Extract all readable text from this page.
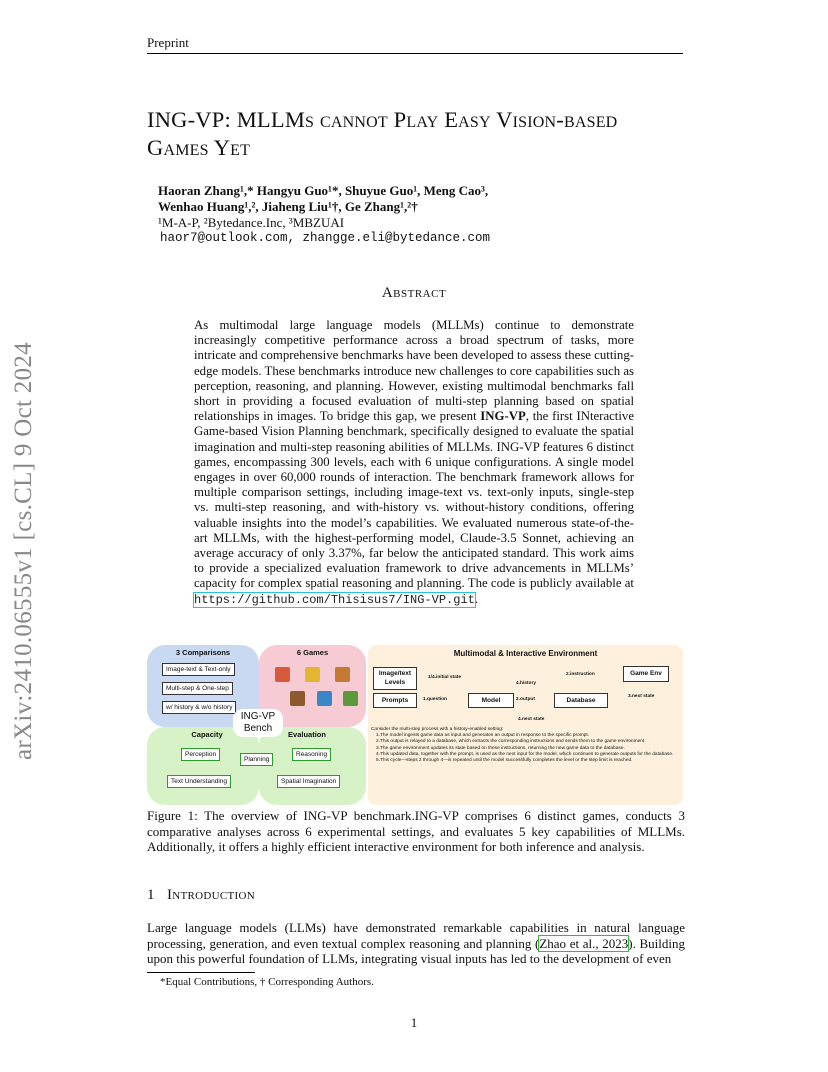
Preprint
arXiv:2410.06555v1 [cs.CL] 9 Oct 2024
ING-VP: MLLMs cannot Play Easy Vision-based
Games Yet
Haoran Zhang¹,* Hangyu Guo¹*, Shuyue Guo¹, Meng Cao³,
Wenhao Huang¹,², Jiaheng Liu¹†, Ge Zhang¹,²†
¹M-A-P, ²Bytedance.Inc, ³MBZUAI
haor7@outlook.com, zhangge.eli@bytedance.com
Abstract
As multimodal large language models (MLLMs) continue to demonstrate increasingly competitive performance across a broad spectrum of tasks, more intricate and comprehensive benchmarks have been developed to assess these cutting-edge models. These benchmarks introduce new challenges to core capabilities such as perception, reasoning, and planning. However, existing multimodal benchmarks fall short in providing a focused evaluation of multi-step planning based on spatial relationships in images. To bridge this gap, we present ING-VP, the first INteractive Game-based Vision Planning benchmark, specifically designed to evaluate the spatial imagination and multi-step reasoning abilities of MLLMs. ING-VP features 6 distinct games, encompassing 300 levels, each with 6 unique configurations. A single model engages in over 60,000 rounds of interaction. The benchmark framework allows for multiple comparison settings, including image-text vs. text-only inputs, single-step vs. multi-step reasoning, and with-history vs. without-history conditions, offering valuable insights into the model’s capabilities. We evaluated numerous state-of-the-art MLLMs, with the highest-performing model, Claude-3.5 Sonnet, achieving an average accuracy of only 3.37%, far below the anticipated standard. This work aims to provide a specialized evaluation framework to drive advancements in MLLMs’ capacity for complex spatial reasoning and planning. The code is publicly available at https://github.com/Thisisus7/ING-VP.git.
3 Comparisons
Image-text & Text-only
Multi-step & One-step
w/ history & w/o history
6 Games
ING-VP
Bench
Capacity
Perception
Planning
Text Understanding
Evaluation
Reasoning
Spatial Imagination
Multimodal & Interactive Environment
Image/text Levels
Game Env
Prompts	Model	Database
1/4.initial state
2.instruction
4.history
1.question	2.output
3.next state
4.next state
Consider the multi-step process with a history-enabled setting:
1.The model ingests game data as input and generates an output in response to the specific prompt.
2.This output is relayed to a database, which extracts the corresponding instructions and sends them to the game environment.
3.The game environment updates its state based on these instructions, returning the new game data to the database.
4.This updated data, together with the prompt, is used as the next input for the model, which continues to generate outputs for the database.
5.This cycle—steps 2 through 4—is repeated until the model successfully completes the level or the step limit is reached.
Figure 1: The overview of ING-VP benchmark.ING-VP comprises 6 distinct games, conducts 3 comparative analyses across 6 experimental settings, and evaluates 5 key capabilities of MLLMs. Additionally, it offers a highly efficient interactive environment for both inference and analysis.
1 Introduction
Large language models (LLMs) have demonstrated remarkable capabilities in natural language processing, generation, and even textual complex reasoning and planning (Zhao et al., 2023). Building upon this powerful foundation of LLMs, integrating visual inputs has led to the development of even
*Equal Contributions, † Corresponding Authors.
1
